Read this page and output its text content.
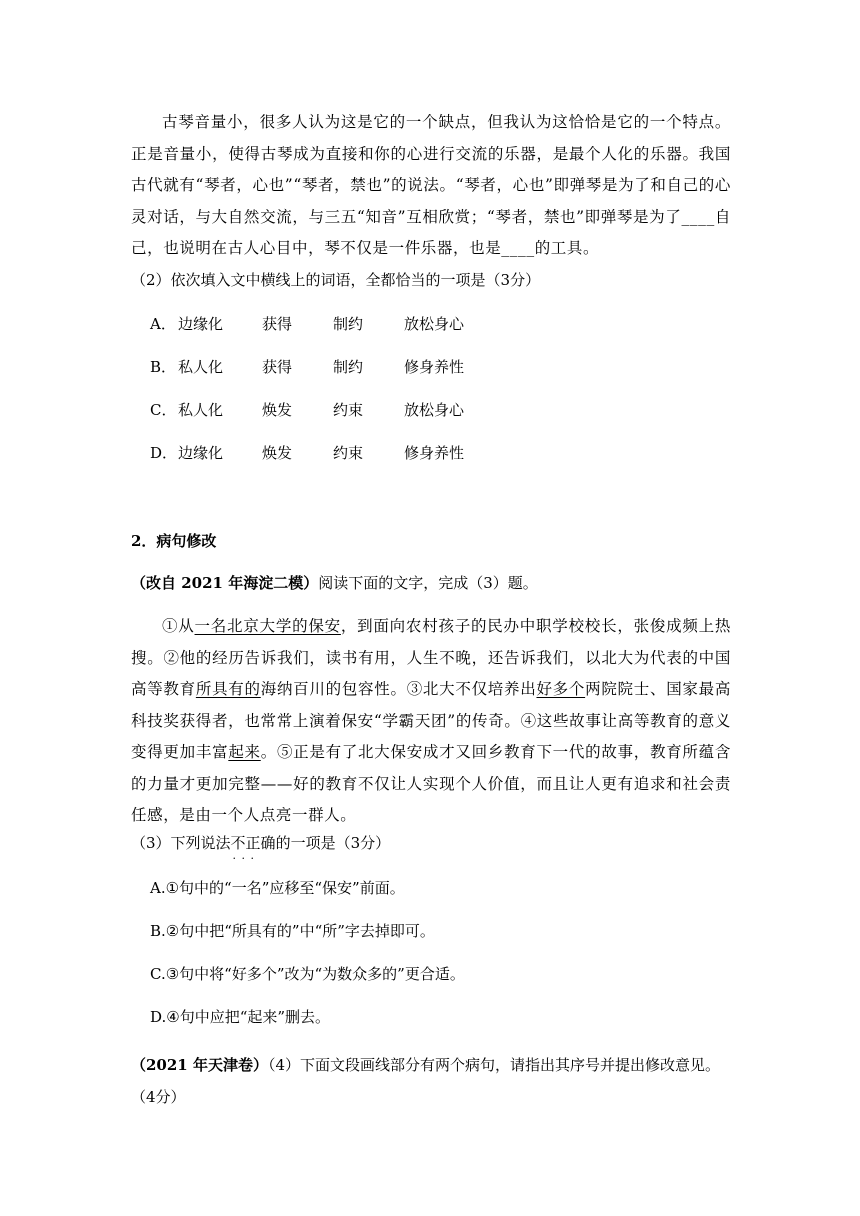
古琴音量小，很多人认为这是它的一个缺点，但我认为这恰恰是它的一个特点。正是音量小，使得古琴成为直接和你的心进行交流的乐器，是最个人化的乐器。我国古代就有“琴者，心也”“琴者，禁也”的说法。“琴者，心也”即弹琴是为了和自己的心灵对话，与大自然交流，与三五“知音”互相欣赏；“琴者，禁也”即弹琴是为了____自己，也说明在古人心目中，琴不仅是一件乐器，也是____的工具。
（2）依次填入文中横线上的词语，全都恰当的一项是（3分）
A． 边缘化	获得	制约	放松身心
B． 私人化	获得	制约	修身养性
C． 私人化	焕发	约束	放松身心
D．边缘化	焕发	约束	修身养性
2．病句修改
（改自 2021 年海淀二模）阅读下面的文字，完成（3）题。
①从一名北京大学的保安，到面向农村孩子的民办中职学校校长，张俊成频上热搜。②他的经历告诉我们，读书有用，人生不晚，还告诉我们，以北大为代表的中国高等教育所具有的海纳百川的包容性。③北大不仅培养出好多个两院院士、国家最高科技奖获得者，也常常上演着保安“学霸天团”的传奇。④这些故事让高等教育的意义变得更加丰富起来。⑤正是有了北大保安成才又回乡教育下一代的故事，教育所蕴含的力量才更加完整——好的教育不仅让人实现个人价值，而且让人更有追求和社会责任感，是由一个人点亮一群人。
（3）下列说法不正确 · · ·的一项是（3分）
A.①句中的“一名”应移至“保安”前面。
B.②句中把“所具有的”中“所”字去掉即可。
C.③句中将“好多个”改为“为数众多的”更合适。
D.④句中应把“起来”删去。
（2021 年天津卷）（4）下面文段画线部分有两个病句，请指出其序号并提出修改意见。
（4分）
